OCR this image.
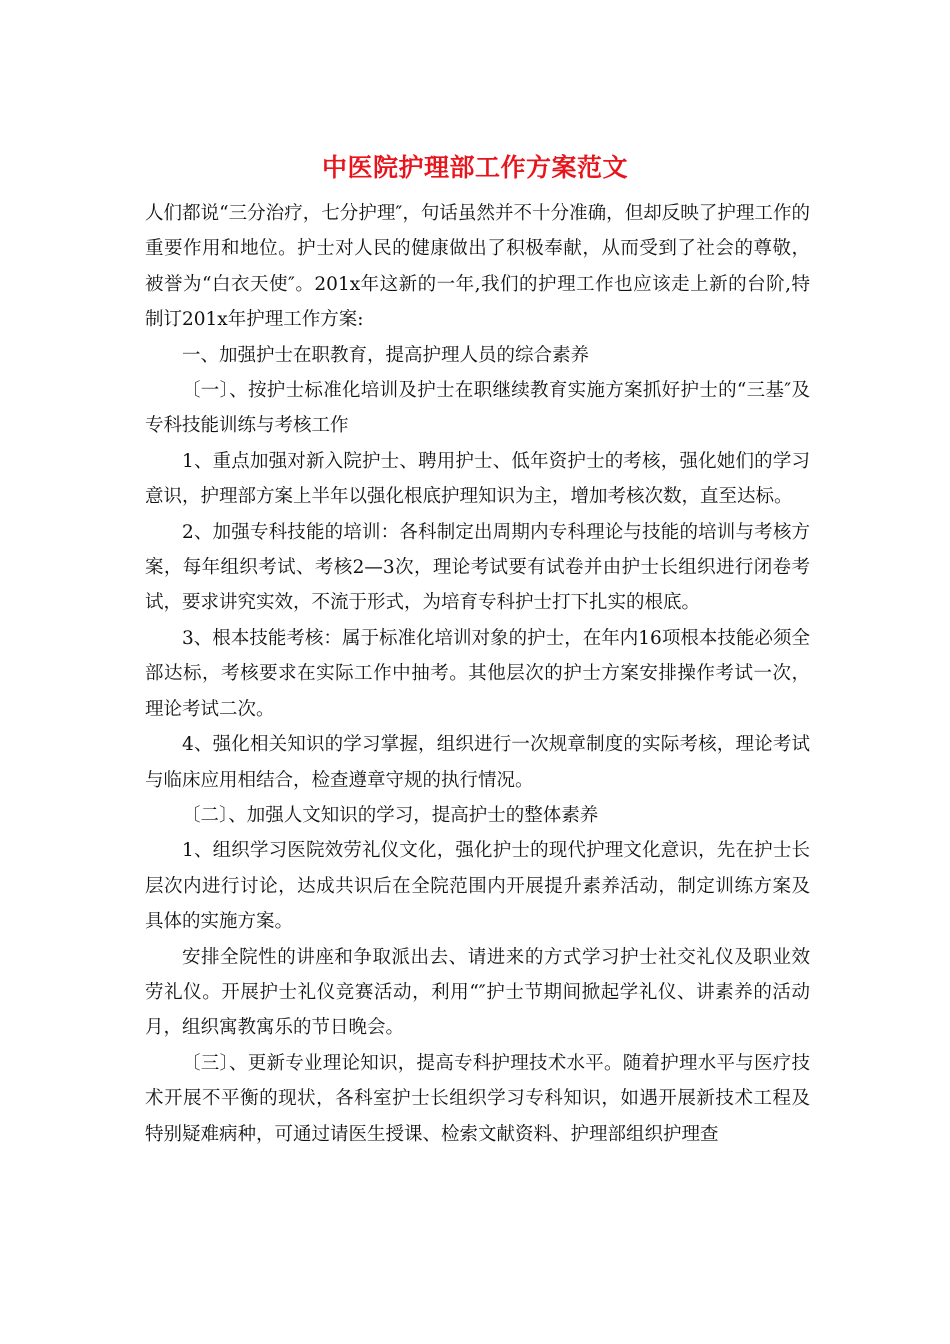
中医院护理部工作方案范文

人们都说“三分治疗，七分护理″，句话虽然并不十分准确，但却反映了护理工作的重要作用和地位。护士对人民的健康做出了积极奉献，从而受到了社会的尊敬，被誉为“白衣天使″。201x年这新的一年,我们的护理工作也应该走上新的台阶,特制订201x年护理工作方案:

一、加强护士在职教育，提高护理人员的综合素养

〔一〕、按护士标准化培训及护士在职继续教育实施方案抓好护士的“三基″及专科技能训练与考核工作

1、重点加强对新入院护士、聘用护士、低年资护士的考核，强化她们的学习意识，护理部方案上半年以强化根底护理知识为主，增加考核次数，直至达标。

2、加强专科技能的培训：各科制定出周期内专科理论与技能的培训与考核方案，每年组织考试、考核2—3次，理论考试要有试卷并由护士长组织进行闭卷考试，要求讲究实效，不流于形式，为培育专科护士打下扎实的根底。

3、根本技能考核：属于标准化培训对象的护士，在年内16项根本技能必须全部达标，考核要求在实际工作中抽考。其他层次的护士方案安排操作考试一次，理论考试二次。

4、强化相关知识的学习掌握，组织进行一次规章制度的实际考核，理论考试与临床应用相结合，检查遵章守规的执行情况。

〔二〕、加强人文知识的学习，提高护士的整体素养

1、组织学习医院效劳礼仪文化，强化护士的现代护理文化意识，先在护士长层次内进行讨论，达成共识后在全院范围内开展提升素养活动，制定训练方案及具体的实施方案。

安排全院性的讲座和争取派出去、请进来的方式学习护士社交礼仪及职业效劳礼仪。开展护士礼仪竞赛活动，利用“″护士节期间掀起学礼仪、讲素养的活动月，组织寓教寓乐的节日晚会。

〔三〕、更新专业理论知识，提高专科护理技术水平。随着护理水平与医疗技术开展不平衡的现状，各科室护士长组织学习专科知识，如遇开展新技术工程及特别疑难病种，可通过请医生授课、检索文献资料、护理部组织护理查
